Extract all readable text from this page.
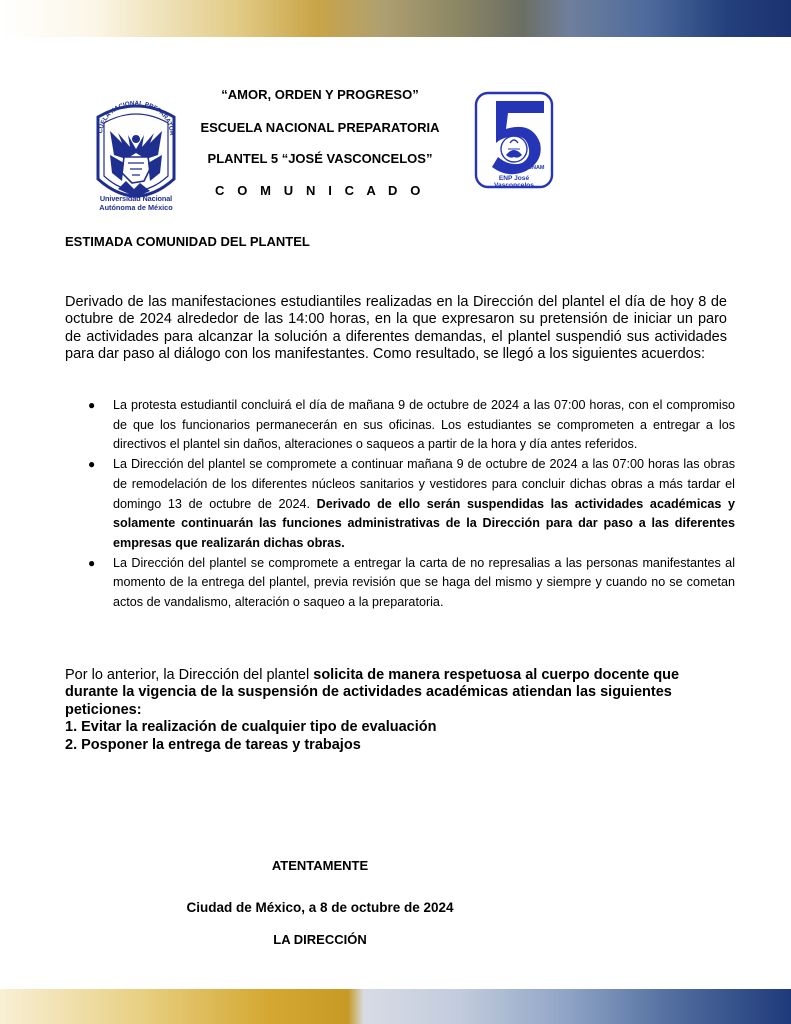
CUELA NACIONAL PREPARATOR
Universidad Nacional
Autónoma de México
UNAM
ENP José Vasconcelos
“AMOR, ORDEN Y PROGRESO”
ESCUELA NACIONAL PREPARATORIA
PLANTEL 5 “JOSÉ VASCONCELOS”
C O M U N I C A D O
ESTIMADA COMUNIDAD DEL PLANTEL

Derivado de las manifestaciones estudiantiles realizadas en la Dirección del plantel el día de hoy 8 de octubre de 2024 alrededor de las 14:00 horas, en la que expresaron su pretensión de iniciar un paro de actividades para alcanzar la solución a diferentes demandas, el plantel suspendió sus actividades para dar paso al diálogo con los manifestantes. Como resultado, se llegó a los siguientes acuerdos:

● La protesta estudiantil concluirá el día de mañana 9 de octubre de 2024 a las 07:00 horas, con el compromiso de que los funcionarios permanecerán en sus oficinas. Los estudiantes se comprometen a entregar a los directivos el plantel sin daños, alteraciones o saqueos a partir de la hora y día antes referidos.
● La Dirección del plantel se compromete a continuar mañana 9 de octubre de 2024 a las 07:00 horas las obras de remodelación de los diferentes núcleos sanitarios y vestidores para concluir dichas obras a más tardar el domingo 13 de octubre de 2024. Derivado de ello serán suspendidas las actividades académicas y solamente continuarán las funciones administrativas de la Dirección para dar paso a las diferentes empresas que realizarán dichas obras.
● La Dirección del plantel se compromete a entregar la carta de no represalias a las personas manifestantes al momento de la entrega del plantel, previa revisión que se haga del mismo y siempre y cuando no se cometan actos de vandalismo, alteración o saqueo a la preparatoria.

Por lo anterior, la Dirección del plantel solicita de manera respetuosa al cuerpo docente que durante la vigencia de la suspensión de actividades académicas atiendan las siguientes peticiones:

1. Evitar la realización de cualquier tipo de evaluación
2. Posponer la entrega de tareas y trabajos
ATENTAMENTE
Ciudad de México, a 8 de octubre de 2024
LA DIRECCIÓN
